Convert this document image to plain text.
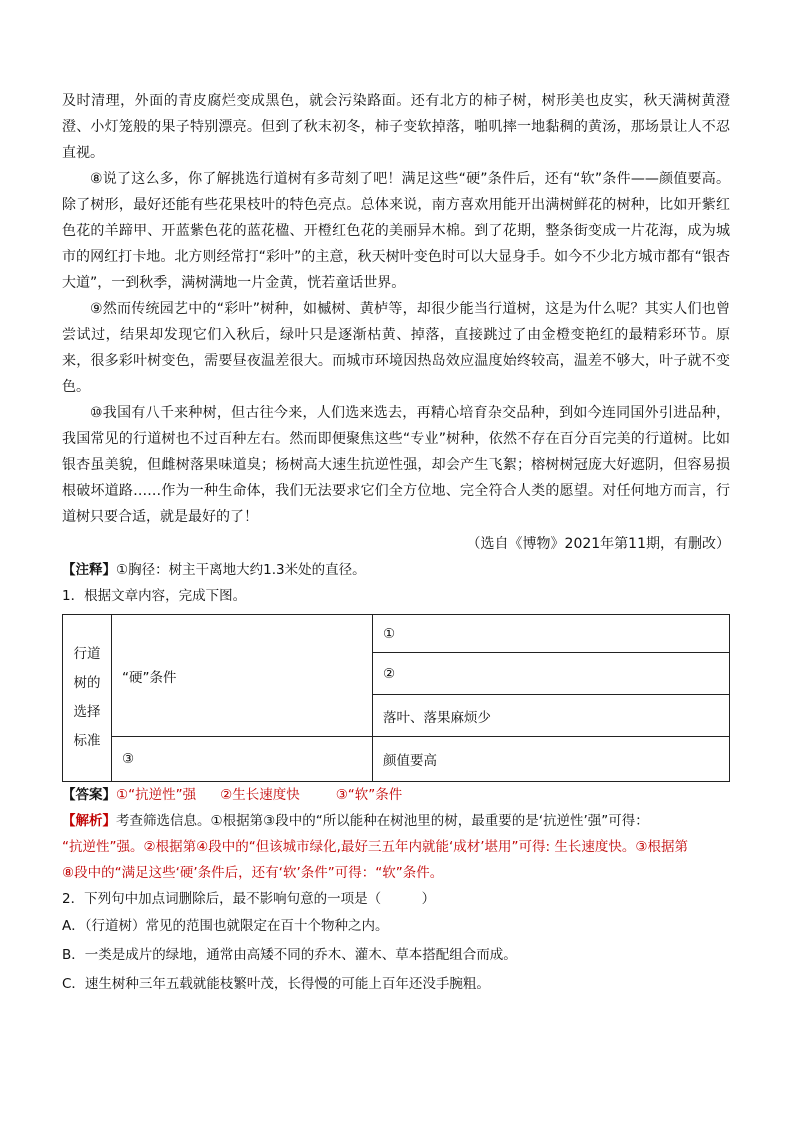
及时清理，外面的青皮腐烂变成黑色，就会污染路面。还有北方的柿子树，树形美也皮实，秋天满树黄澄澄、小灯笼般的果子特别漂亮。但到了秋末初冬，柿子变软掉落，啪叽摔一地黏稠的黄汤，那场景让人不忍直视。

⑧说了这么多，你了解挑选行道树有多苛刻了吧！满足这些“硬”条件后，还有“软”条件——颜值要高。除了树形，最好还能有些花果枝叶的特色亮点。总体来说，南方喜欢用能开出满树鲜花的树种，比如开紫红色花的羊蹄甲、开蓝紫色花的蓝花楹、开橙红色花的美丽异木棉。到了花期，整条街变成一片花海，成为城市的网红打卡地。北方则经常打“彩叶”的主意，秋天树叶变色时可以大显身手。如今不少北方城市都有“银杏大道”，一到秋季，满树满地一片金黄，恍若童话世界。

⑨然而传统园艺中的“彩叶”树种，如槭树、黄栌等，却很少能当行道树，这是为什么呢？其实人们也曾尝试过，结果却发现它们入秋后，绿叶只是逐渐枯黄、掉落，直接跳过了由金橙变艳红的最精彩环节。原来，很多彩叶树变色，需要昼夜温差很大。而城市环境因热岛效应温度始终较高，温差不够大，叶子就不变色。

⑩我国有八千来种树，但古往今来，人们选来选去，再精心培育杂交品种，到如今连同国外引进品种，我国常见的行道树也不过百种左右。然而即便聚焦这些“专业”树种，依然不存在百分百完美的行道树。比如银杏虽美貌，但雌树落果味道臭；杨树高大速生抗逆性强，却会产生飞絮；榕树树冠庞大好遮阴，但容易损根破坏道路……作为一种生命体，我们无法要求它们全方位地、完全符合人类的愿望。对任何地方而言，行道树只要合适，就是最好的了！

（选自《博物》2021年第11期，有删改）

【注释】①胸径：树主干离地大约1.3米处的直径。

1．根据文章内容，完成下图。

行道
树的
选择
标准	“硬”条件	①
		②
		落叶、落果麻烦少
	③	颜值要高

【答案】①“抗逆性”强 ②生长速度快	③“软”条件

【解析】考查筛选信息。①根据第③段中的“所以能种在树池里的树，最重要的是‘抗逆性’强”可得：

“抗逆性”强。②根据第④段中的“但该城市绿化,最好三五年内就能‘成材’堪用”可得: 生长速度快。③根据第

⑧段中的“满足这些‘硬’条件后，还有‘软’条件”可得：“软”条件。

2．下列句中加点词删除后，最不影响句意的一项是（　　　）

A．（行道树）常见的范围也就限定在百十个物种之内。

B．一类是成片的绿地，通常由高矮不同的乔木、灌木、草本搭配组合而成。

C．速生树种三年五载就能枝繁叶茂，长得慢的可能上百年还没手腕粗。
